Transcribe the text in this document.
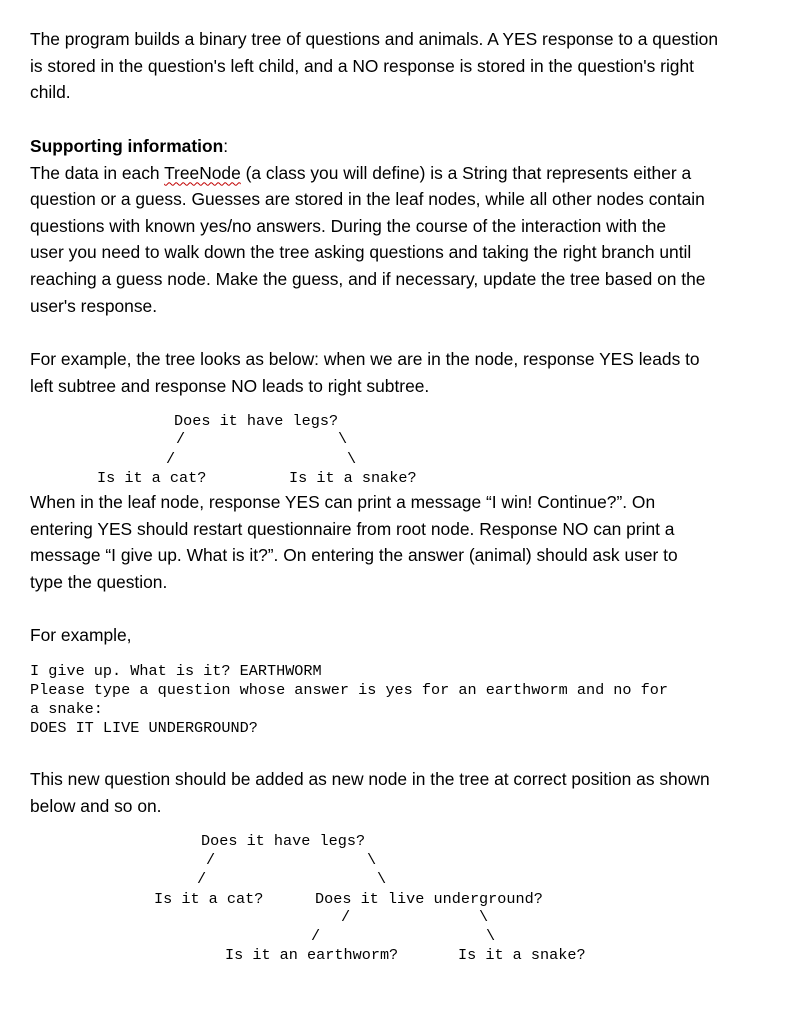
The program builds a binary tree of questions and animals. A YES response to a question
is stored in the question's left child, and a NO response is stored in the question's right
child.
Supporting information:
The data in each TreeNode (a class you will define) is a String that represents either a
question or a guess. Guesses are stored in the leaf nodes, while all other nodes contain
questions with known yes/no answers. During the course of the interaction with the
user you need to walk down the tree asking questions and taking the right branch until
reaching a guess node. Make the guess, and if necessary, update the tree based on the
user's response.
For example, the tree looks as below: when we are in the node, response YES leads to
left subtree and response NO leads to right subtree.
Does it have legs?
/	\
/	\
Is it a cat?	Is it a snake?
When in the leaf node, response YES can print a message “I win! Continue?”. On
entering YES should restart questionnaire from root node. Response NO can print a
message “I give up. What is it?”. On entering the answer (animal) should ask user to
type the question.
For example,
I give up. What is it? EARTHWORM
Please type a question whose answer is yes for an earthworm and no for
a snake:
DOES IT LIVE UNDERGROUND?
This new question should be added as new node in the tree at correct position as shown
below and so on.
Does it have legs?
/	\
/	\
Is it a cat?	Does it live underground?
/	\
/	\
Is it an earthworm?	Is it a snake?
